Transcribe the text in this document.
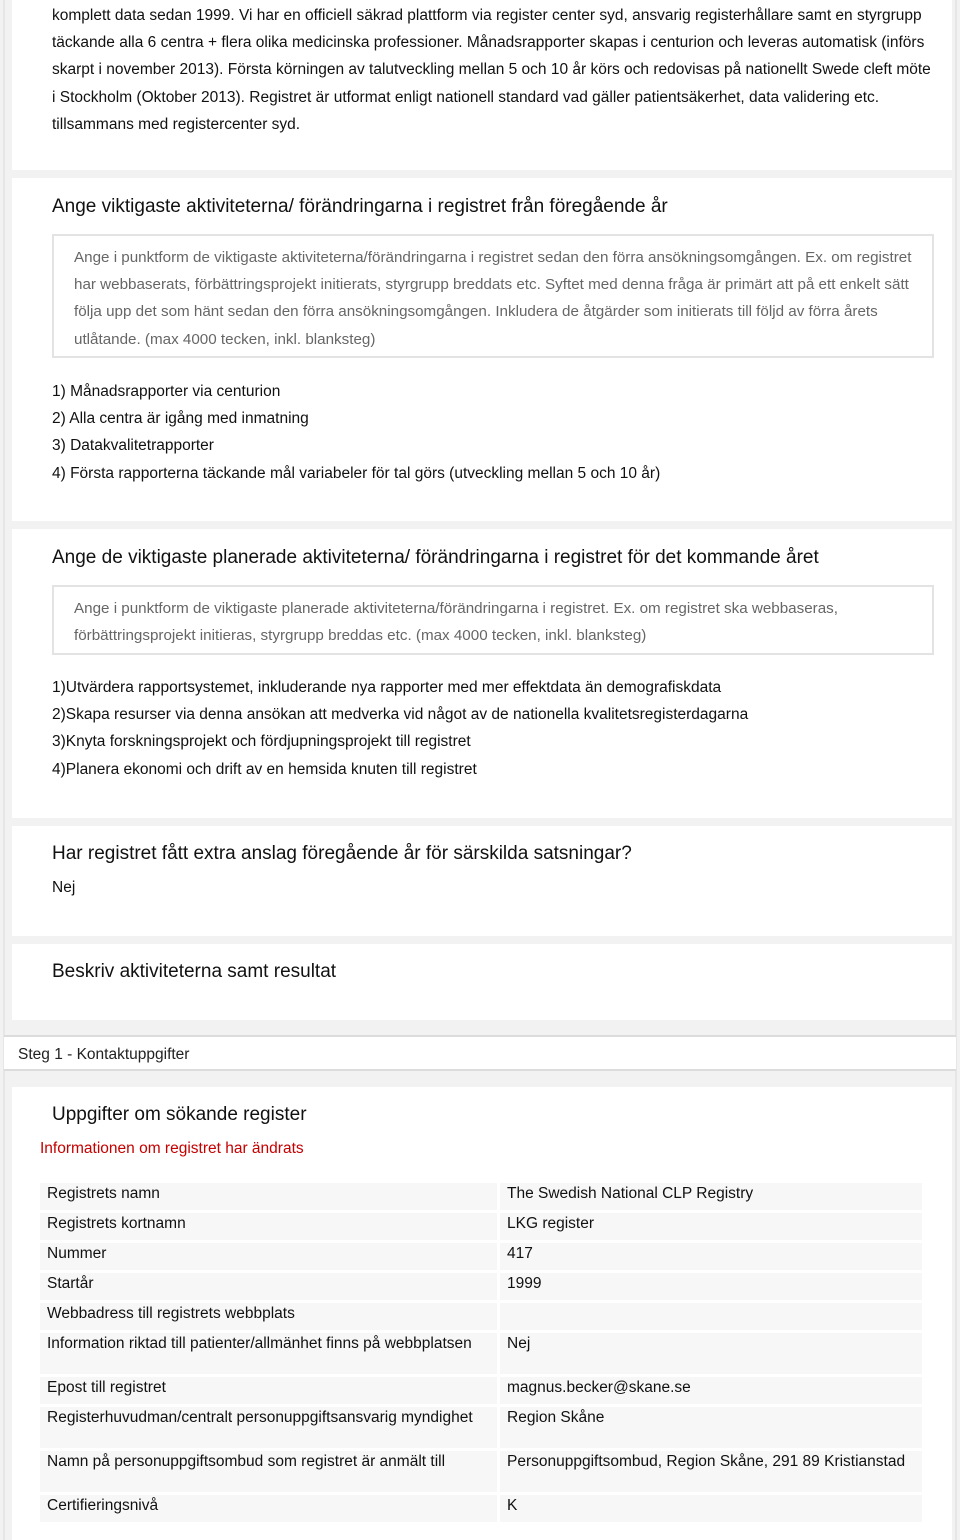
komplett data sedan 1999. Vi har en officiell säkrad plattform via register center syd, ansvarig registerhållare samt en styrgrupp täckande alla 6 centra + flera olika medicinska professioner. Månadsrapporter skapas i centurion och leveras automatisk (införs skarpt i november 2013). Första körningen av talutveckling mellan 5 och 10 år körs och redovisas på nationellt Swede cleft möte i Stockholm (Oktober 2013). Registret är utformat enligt nationell standard vad gäller patientsäkerhet, data validering etc. tillsammans med registercenter syd.

Ange viktigaste aktiviteterna/ förändringarna i registret från föregående år
Ange i punktform de viktigaste aktiviteterna/förändringarna i registret sedan den förra ansökningsomgången. Ex. om registret har webbaserats, förbättringsprojekt initierats, styrgrupp breddats etc. Syftet med denna fråga är primärt att på ett enkelt sätt följa upp det som hänt sedan den förra ansökningsomgången. Inkludera de åtgärder som initierats till följd av förra årets utlåtande. (max 4000 tecken, inkl. blanksteg)
1) Månadsrapporter via centurion
2) Alla centra är igång med inmatning
3) Datakvalitetrapporter
4) Första rapporterna täckande mål variabeler för tal görs (utveckling mellan 5 och 10 år)
Ange de viktigaste planerade aktiviteterna/ förändringarna i registret för det kommande året
Ange i punktform de viktigaste planerade aktiviteterna/förändringarna i registret. Ex. om registret ska webbaseras, förbättringsprojekt initieras, styrgrupp breddas etc. (max 4000 tecken, inkl. blanksteg)
1)Utvärdera rapportsystemet, inkluderande nya rapporter med mer effektdata än demografiskdata
2)Skapa resurser via denna ansökan att medverka vid något av de nationella kvalitetsregisterdagarna
3)Knyta forskningsprojekt och fördjupningsprojekt till registret
4)Planera ekonomi och drift av en hemsida knuten till registret
Har registret fått extra anslag föregående år för särskilda satsningar?
Nej
Beskriv aktiviteterna samt resultat
Steg 1 - Kontaktuppgifter
Uppgifter om sökande register
Informationen om registret har ändrats
Registrets namn	The Swedish National CLP Registry
Registrets kortnamn	LKG register
Nummer	417
Startår	1999
Webbadress till registrets webbplats	
Information riktad till patienter/allmänhet finns på webbplatsen	Nej
Epost till registret	magnus.becker@skane.se
Registerhuvudman/centralt personuppgiftsansvarig myndighet	Region Skåne
Namn på personuppgiftsombud som registret är anmält till	Personuppgiftsombud, Region Skåne, 291 89 Kristianstad
Certifieringsnivå	K
